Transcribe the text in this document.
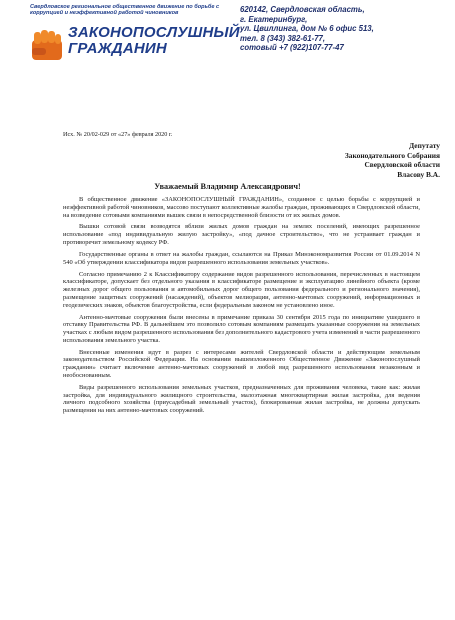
Свердловское региональное общественное движение по борьбе с коррупцией и неэффективной работой чиновников
ЗАКОНОПОСЛУШНЫЙ
ГРАЖДАНИН
620142, Свердловская область,
г. Екатеринбург,
ул. Цвиллинга, дом № 6 офис 513,
тел. 8 (343) 382-61-77,
сотовый +7 (922)107-77-47
Исх. № 20/02-029 от «27» февраля 2020 г.
Депутату
Законодательного Собрания
Свердловской области
Власову В.А.
Уважаемый Владимир Александрович!

В общественное движение «ЗАКОНОПОСЛУШНЫЙ ГРАЖДАНИН», созданное с целью борьбы с коррупцией и неэффективной работой чиновников, массово поступают коллективные жалобы граждан, проживающих в Свердловской области, на возведение сотовыми компаниями вышек связи в непосредственной близости от их жилых домов.

Вышки сотовой связи возводятся вблизи жилых домов граждан на землях поселений, имеющих разрешенное использование «под индивидуальную жилую застройку», «под дачное строительство», что не устраивает граждан и противоречит земельному кодексу РФ.

Государственные органы в ответ на жалобы граждан, ссылаются на Приказ Минэкономразвития России от 01.09.2014 N 540 «Об утверждении классификатора видов разрешенного использования земельных участков».

Согласно примечанию 2 к Классификатору содержание видов разрешенного использования, перечисленных в настоящем классификаторе, допускает без отдельного указания в классификаторе размещение и эксплуатацию линейного объекта (кроме железных дорог общего пользования и автомобильных дорог общего пользования федерального и регионального значения), размещение защитных сооружений (насаждений), объектов мелиорации, антенно-мачтовых сооружений, информационных и геодезических знаков, объектов благоустройства, если федеральным законом не установлено иное.

Антенно-мачтовые сооружения были внесены в примечание приказа 30 сентября 2015 года по инициативе ушедшего в отставку Правительства РФ. В дальнейшем это позволило сотовым компаниям размещать указанные сооружения на земельных участках с любым видом разрешенного использования без дополнительного кадастрового учета изменений в части разрешенного использования земельного участка.

Внесенные изменения идут в разрез с интересами жителей Свердловской области и действующим земельным законодательством Российской Федерации. На основании вышеизложенного Общественное Движение «Законопослушный гражданин» считает включение антенно-мачтовых сооружений в любой вид разрешенного использования незаконным и необоснованным.

Виды разрешенного использования земельных участков, предназначенных для проживания человека, такие как: жилая застройка, для индивидуального жилищного строительства, малоэтажная многоквартирная жилая застройка, для ведения личного подсобного хозяйства (приусадебный земельный участок), блокированная жилая застройка, не должны допускать размещения на них антенно-мачтовых сооружений.
